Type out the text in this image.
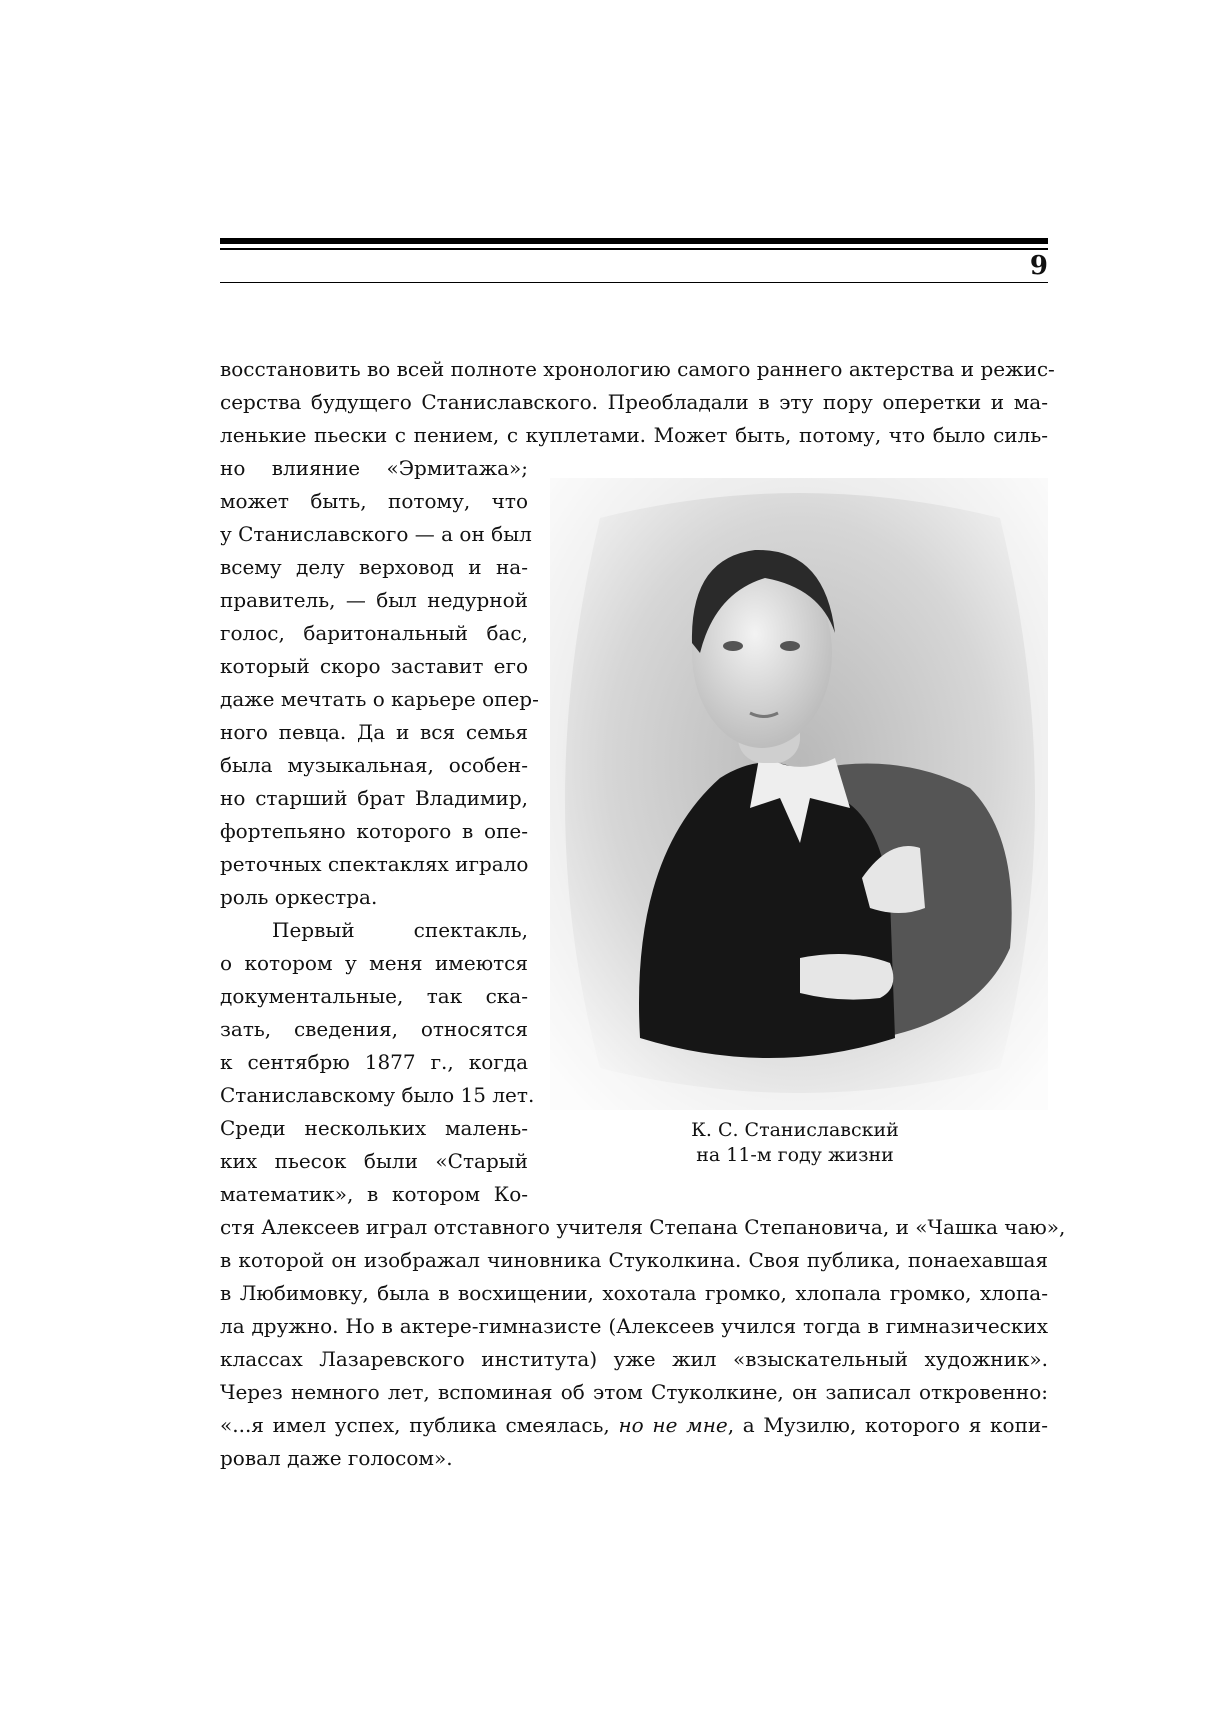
9
восстановить во всей полноте хронологию самого раннего актерства и режис-
серства будущего Станиславского. Преобладали в эту пору оперетки и ма-
ленькие пьески с пением, с куплетами. Может быть, потому, что было силь-
но влияние «Эрмитажа»;
может быть, потому, что
у Станиславского — а он был
всему делу верховод и на-
правитель, — был недурной
голос, баритональный бас,
который скоро заставит его
даже мечтать о карьере опер-
ного певца. Да и вся семья
была музыкальная, особен-
но старший брат Владимир,
фортепьяно которого в опе-
реточных спектаклях играло
роль оркестра.
Первый спектакль,
о котором у меня имеются
документальные, так ска-
зать, сведения, относятся
к сентябрю 1877 г., когда
Станиславскому было 15 лет.
Среди нескольких малень-
ких пьесок были «Старый
математик», в котором Ко-
стя Алексеев играл отставного учителя Степана Степановича, и «Чашка чаю»,
в которой он изображал чиновника Стуколкина. Своя публика, понаехавшая
в Любимовку, была в восхищении, хохотала громко, хлопала громко, хлопа-
ла дружно. Но в актере-гимназисте (Алексеев учился тогда в гимназических
классах Лазаревского института) уже жил «взыскательный художник».
Через немного лет, вспоминая об этом Стуколкине, он записал откровенно:
«...я имел успех, публика смеялась, но не мне, а Музилю, которого я копи-
ровал даже голосом».
К. С. Станиславский
на 11-м году жизни
